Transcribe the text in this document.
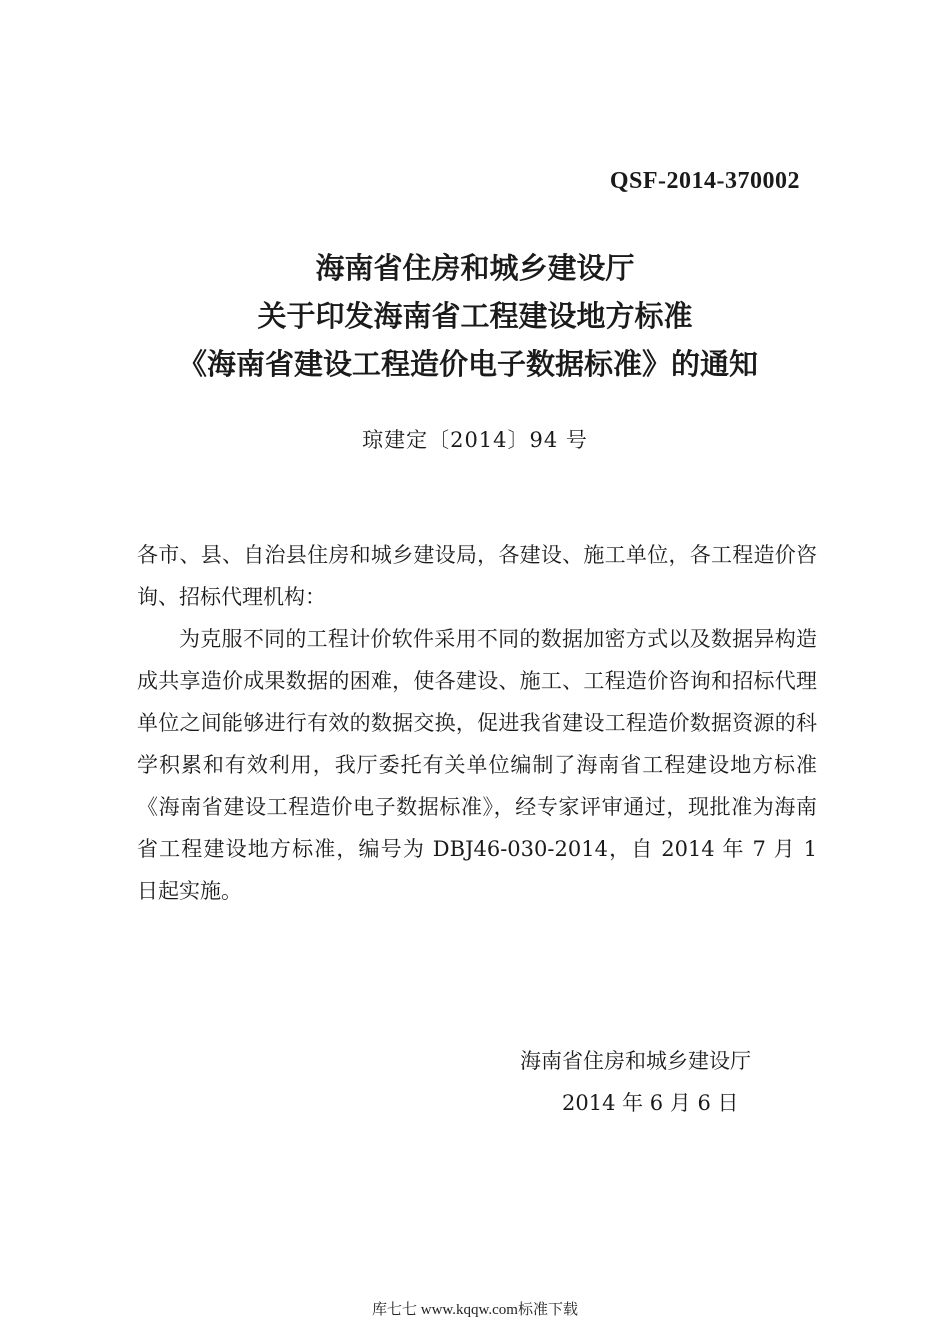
QSF-2014-370002
海南省住房和城乡建设厅
关于印发海南省工程建设地方标准
《海南省建设工程造价电子数据标准》的通知
琼建定〔2014〕94 号

各市、县、自治县住房和城乡建设局，各建设、施工单位，各工程造价咨询、招标代理机构：

为克服不同的工程计价软件采用不同的数据加密方式以及数据异构造成共享造价成果数据的困难，使各建设、施工、工程造价咨询和招标代理单位之间能够进行有效的数据交换，促进我省建设工程造价数据资源的科学积累和有效利用，我厅委托有关单位编制了海南省工程建设地方标准《海南省建设工程造价电子数据标准》，经专家评审通过，现批准为海南省工程建设地方标准，编号为 DBJ46-030-2014，自 2014 年 7 月 1 日起实施。

海南省住房和城乡建设厅
2014 年 6 月 6 日
库七七 www.kqqw.com标准下载
